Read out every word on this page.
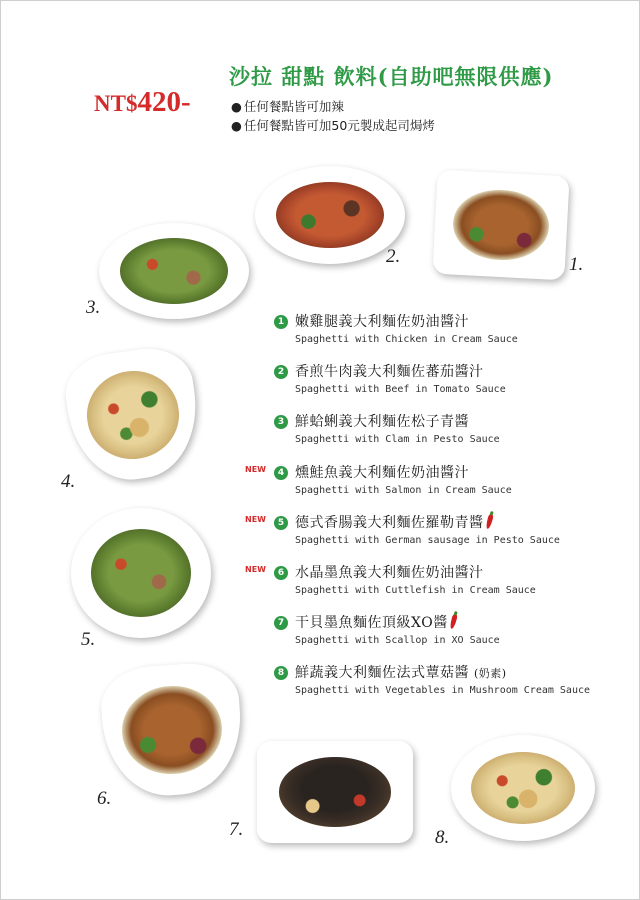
NT$420-
沙拉 甜點 飲料(自助吧無限供應)
● 任何餐點皆可加辣
● 任何餐點皆可加50元製成起司焗烤
1.
2.
3.
4.
5.
6.
7.	8.
1 嫩雞腿義大利麵佐奶油醬汁
Spaghetti with Chicken in Cream Sauce
2 香煎牛肉義大利麵佐蕃茄醬汁
Spaghetti with Beef in Tomato Sauce
3 鮮蛤蜊義大利麵佐松子青醬
Spaghetti with Clam in Pesto Sauce
NEW	4 燻鮭魚義大利麵佐奶油醬汁
Spaghetti with Salmon in Cream Sauce
NEW	5 德式香腸義大利麵佐羅勒青醬
Spaghetti with German sausage in Pesto Sauce
NEW	6 水晶墨魚義大利麵佐奶油醬汁
Spaghetti with Cuttlefish in Cream Sauce
7 干貝墨魚麵佐頂級XO醬
Spaghetti with Scallop in XO Sauce
8 鮮蔬義大利麵佐法式蕈菇醬 (奶素)
Spaghetti with Vegetables in Mushroom Cream Sauce
